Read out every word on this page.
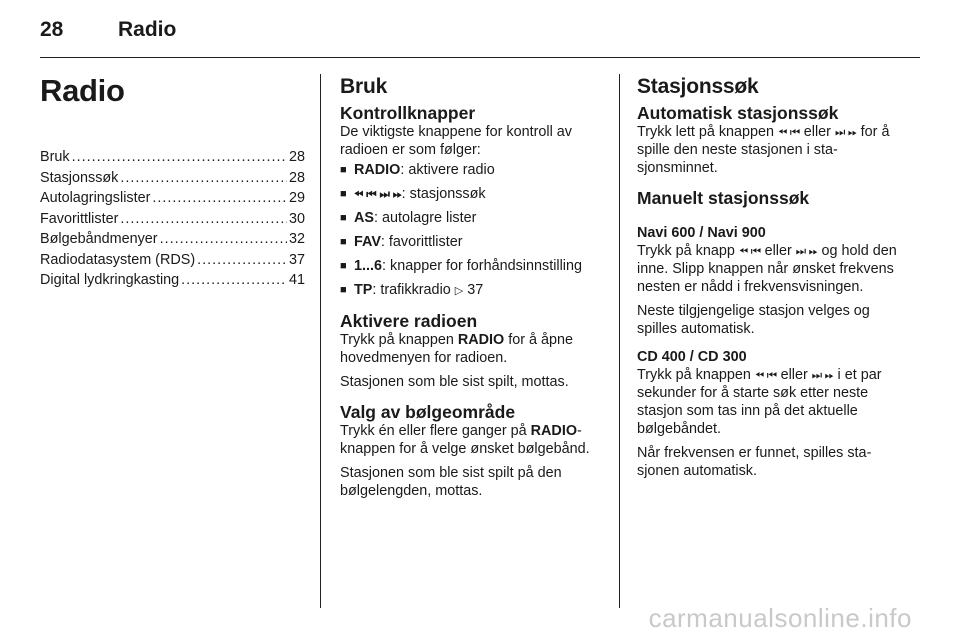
28	Radio
Radio
Bruk .....	28
Stasjonssøk .....	28
Autolagringslister .....	29
Favorittlister .....	30
Bølgebåndmenyer .....	32
Radiodatasystem (RDS) .....	37
Digital lydkringkasting .....	41
Bruk
Kontrollknapper

De viktigste knappene for kontroll av radioen er som følger:

■ RADIO: aktivere radio
■ ⏪︎ ⏮︎ ⏭︎ ⏩︎: stasjonssøk
■ AS: autolagre lister
■ FAV: favorittlister
■ 1...6: knapper for forhåndsinnstilling
■ TP: trafikkradio ▷ 37
Aktivere radioen

Trykk på knappen RADIO for å åpne hovedmenyen for radioen.

Stasjonen som ble sist spilt, mottas.

Valg av bølgeområde

Trykk én eller flere ganger på RADIO-knappen for å velge ønsket bølgebånd.

Stasjonen som ble sist spilt på den bølgelengden, mottas.

Stasjonssøk
Automatisk stasjonssøk

Trykk lett på knappen ⏪︎ ⏮︎ eller ⏭︎ ⏩︎ for å spille den neste stasjonen i stasjonsminnet.

Manuelt stasjonssøk
Navi 600 / Navi 900

Trykk på knapp ⏪︎ ⏮︎ eller ⏭︎ ⏩︎ og hold den inne. Slipp knappen når ønsket frekvens nesten er nådd i frekvensvisningen.

Neste tilgjengelige stasjon velges og spilles automatisk.

CD 400 / CD 300

Trykk på knappen ⏪︎ ⏮︎ eller ⏭︎ ⏩︎ i et par sekunder for å starte søk etter neste stasjon som tas inn på det aktuelle bølgebåndet.

Når frekvensen er funnet, spilles stasjonen automatisk.

carmanualsonline.info
